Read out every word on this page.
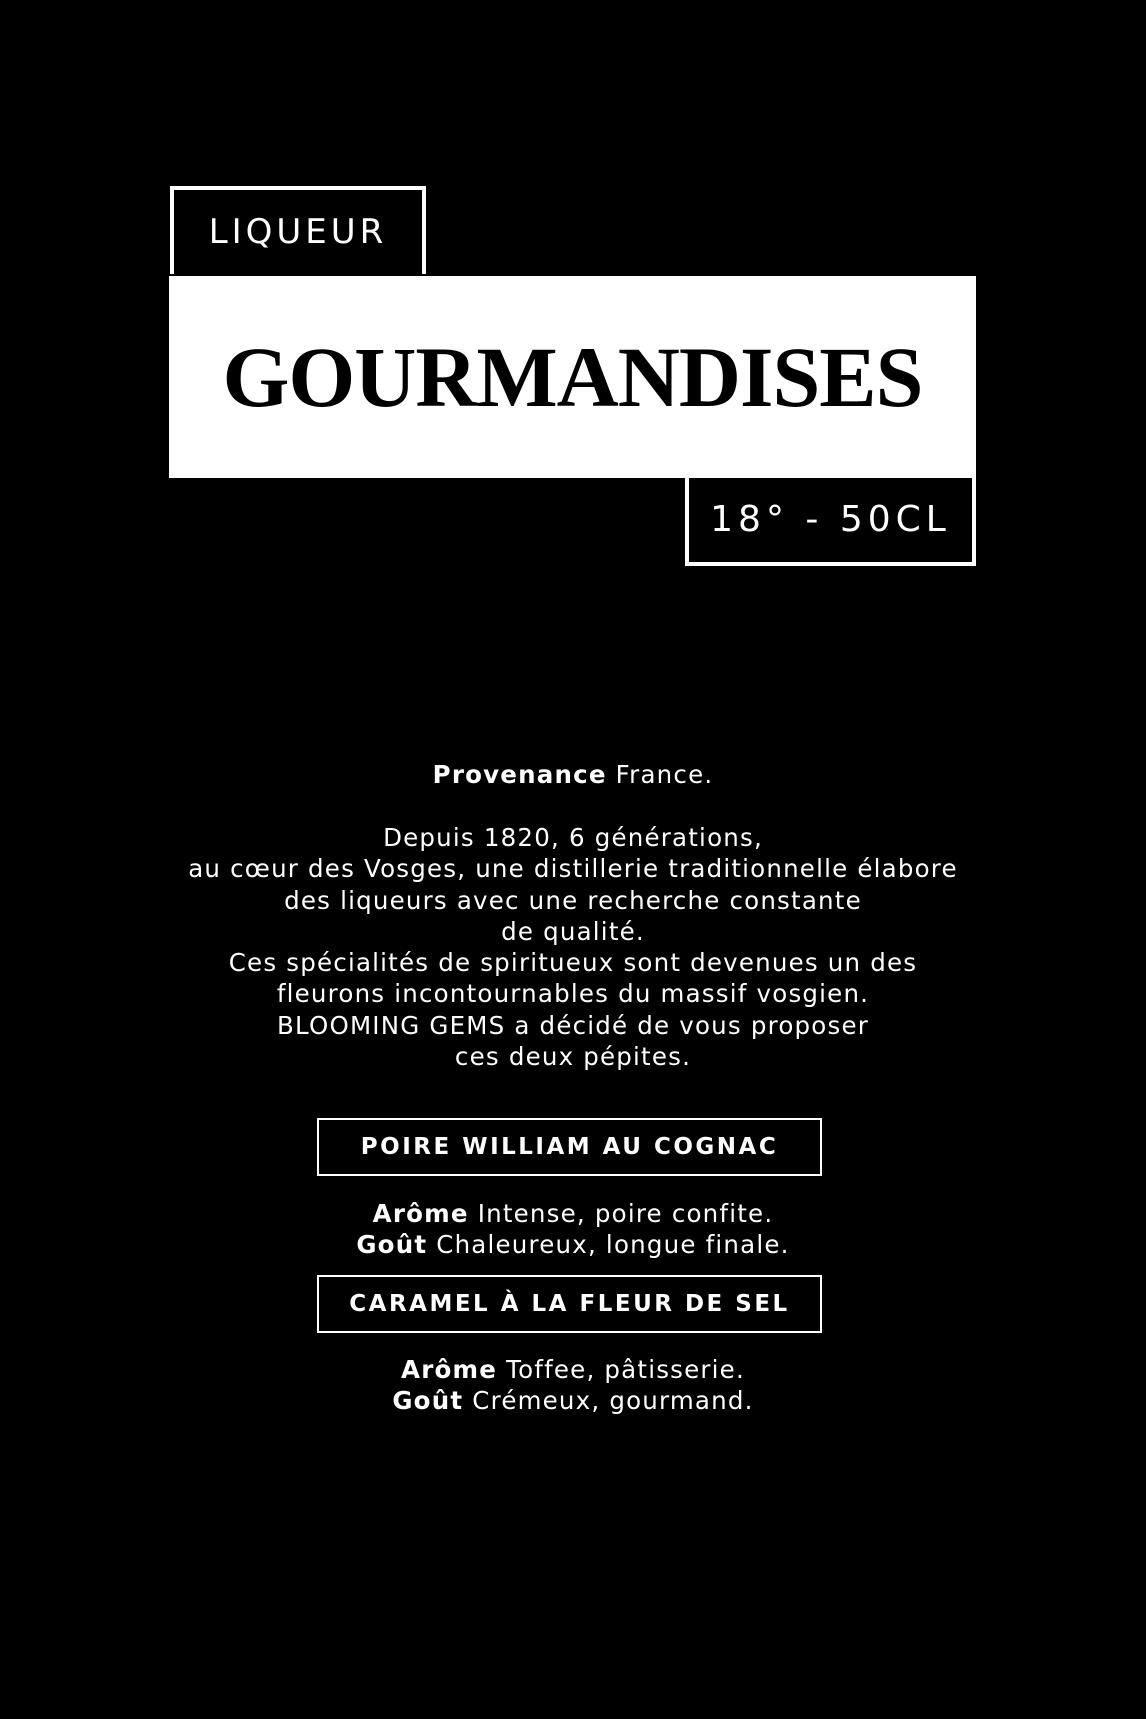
LIQUEUR
GOURMANDISES
18° - 50CL
Provenance France.
Depuis 1820, 6 générations,
au cœur des Vosges, une distillerie traditionnelle élabore
des liqueurs avec une recherche constante
de qualité.
Ces spécialités de spiritueux sont devenues un des
fleurons incontournables du massif vosgien.
BLOOMING GEMS a décidé de vous proposer
ces deux pépites.
POIRE WILLIAM AU COGNAC
Arôme Intense, poire confite.
Goût Chaleureux, longue finale.
CARAMEL À LA FLEUR DE SEL
Arôme Toffee, pâtisserie.
Goût Crémeux, gourmand.
